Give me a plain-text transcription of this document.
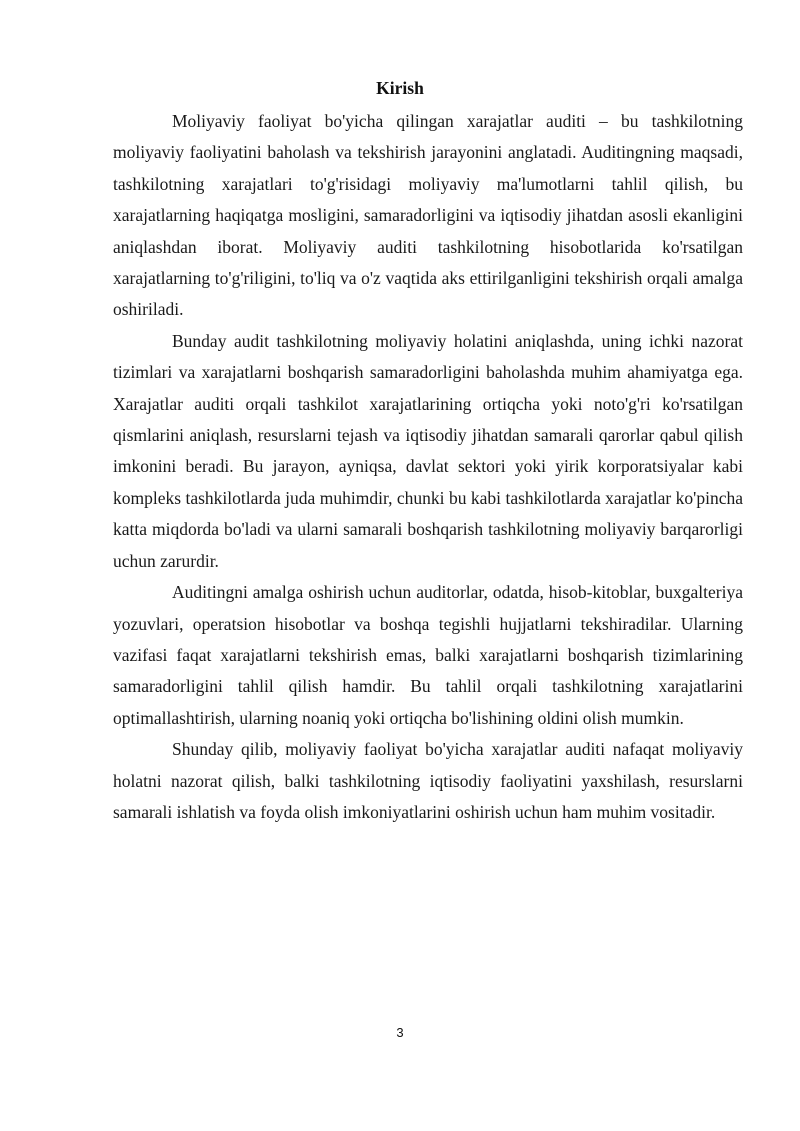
Kirish

Moliyaviy faoliyat bo'yicha qilingan xarajatlar auditi – bu tashkilotning moliyaviy faoliyatini baholash va tekshirish jarayonini anglatadi. Auditingning maqsadi, tashkilotning xarajatlari to'g'risidagi moliyaviy ma'lumotlarni tahlil qilish, bu xarajatlarning haqiqatga mosligini, samaradorligini va iqtisodiy jihatdan asosli ekanligini aniqlashdan iborat. Moliyaviy auditi tashkilotning hisobotlarida ko'rsatilgan xarajatlarning to'g'riligini, to'liq va o'z vaqtida aks ettirilganligini tekshirish orqali amalga oshiriladi.

Bunday audit tashkilotning moliyaviy holatini aniqlashda, uning ichki nazorat tizimlari va xarajatlarni boshqarish samaradorligini baholashda muhim ahamiyatga ega. Xarajatlar auditi orqali tashkilot xarajatlarining ortiqcha yoki noto'g'ri ko'rsatilgan qismlarini aniqlash, resurslarni tejash va iqtisodiy jihatdan samarali qarorlar qabul qilish imkonini beradi. Bu jarayon, ayniqsa, davlat sektori yoki yirik korporatsiyalar kabi kompleks tashkilotlarda juda muhimdir, chunki bu kabi tashkilotlarda xarajatlar ko'pincha katta miqdorda bo'ladi va ularni samarali boshqarish tashkilotning moliyaviy barqarorligi uchun zarurdir.

Auditingni amalga oshirish uchun auditorlar, odatda, hisob-kitoblar, buxgalteriya yozuvlari, operatsion hisobotlar va boshqa tegishli hujjatlarni tekshiradilar. Ularning vazifasi faqat xarajatlarni tekshirish emas, balki xarajatlarni boshqarish tizimlarining samaradorligini tahlil qilish hamdir. Bu tahlil orqali tashkilotning xarajatlarini optimallashtirish, ularning noaniq yoki ortiqcha bo'lishining oldini olish mumkin.

Shunday qilib, moliyaviy faoliyat bo'yicha xarajatlar auditi nafaqat moliyaviy holatni nazorat qilish, balki tashkilotning iqtisodiy faoliyatini yaxshilash, resurslarni samarali ishlatish va foyda olish imkoniyatlarini oshirish uchun ham muhim vositadir.

3
